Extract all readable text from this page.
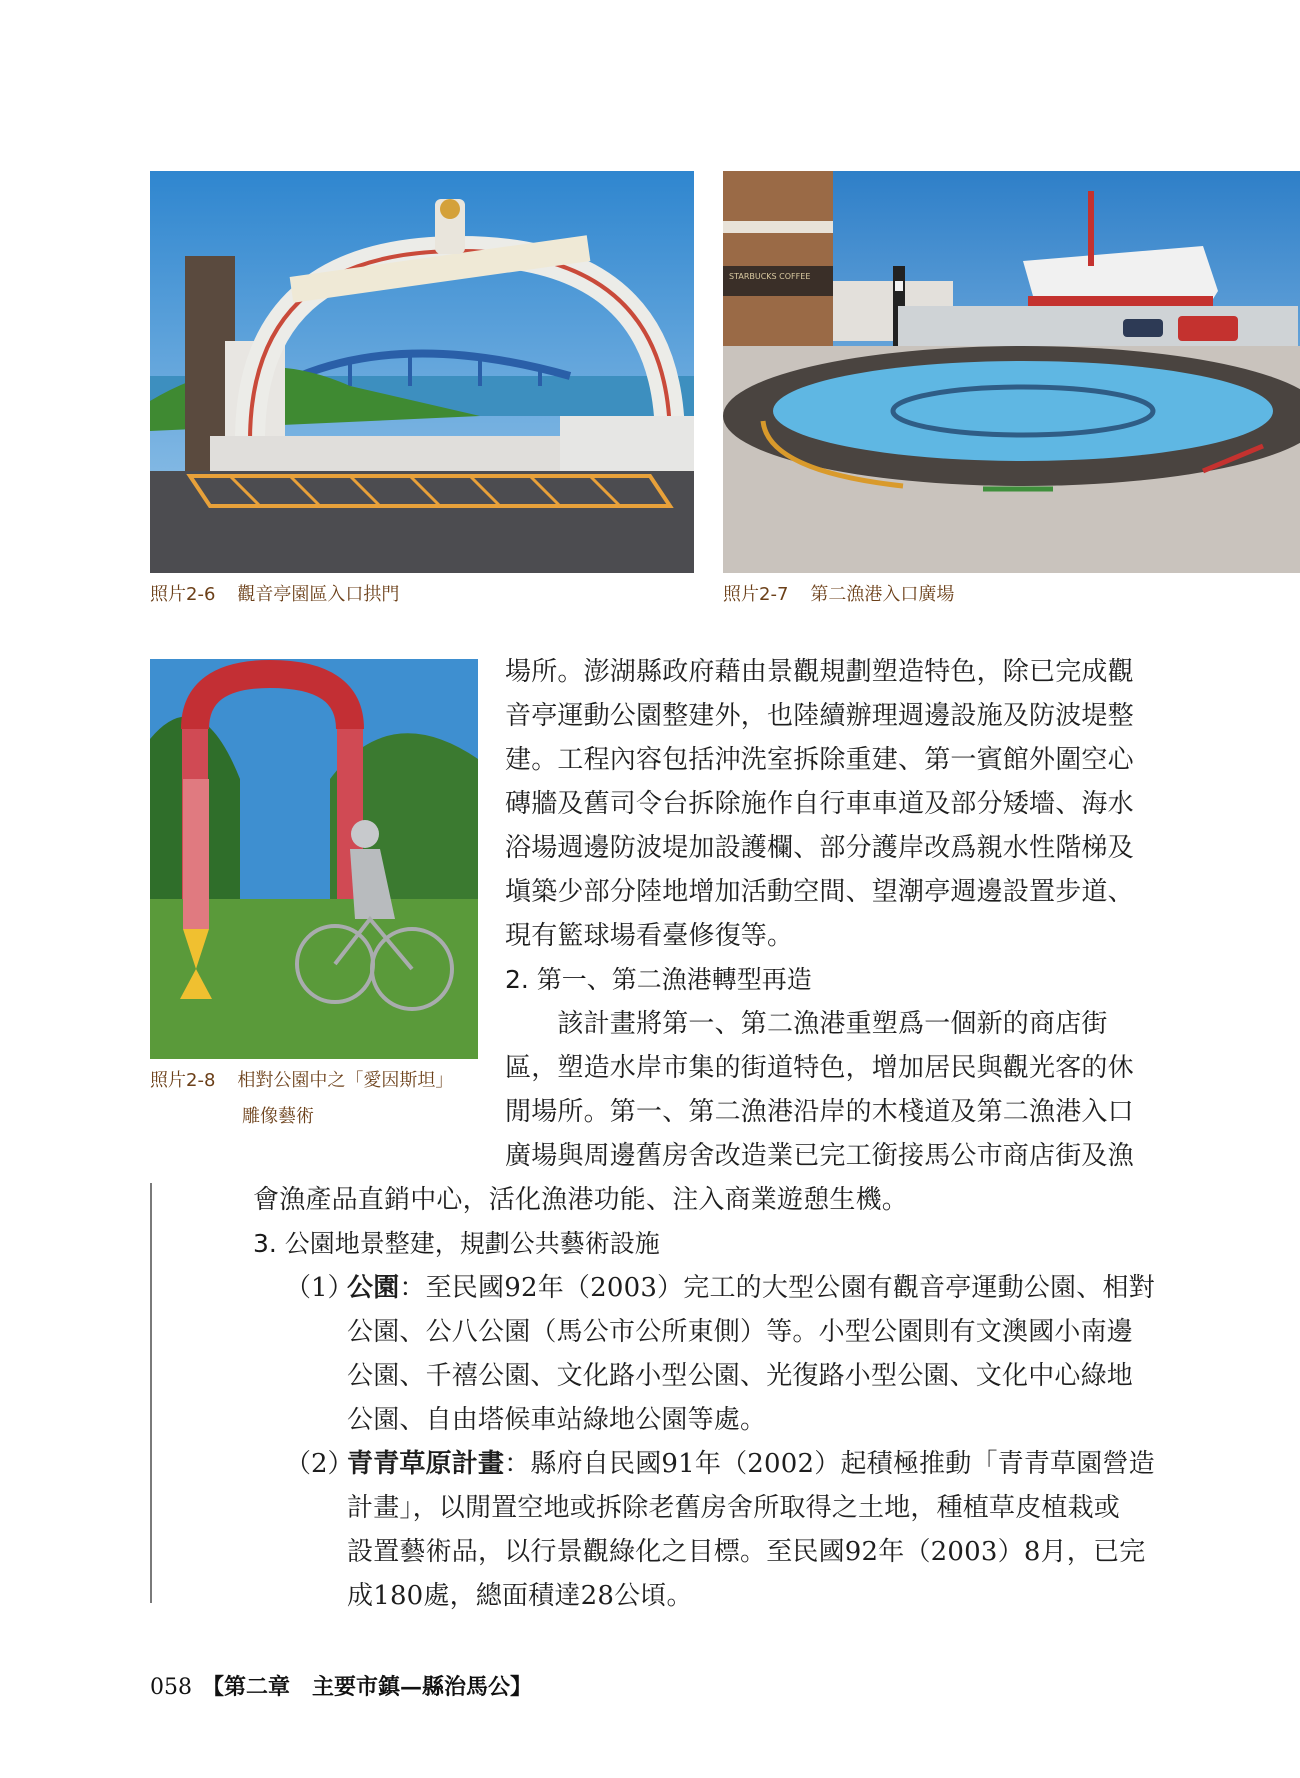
STARBUCKS COFFEE
照片2-6 觀音亭園區入口拱門	照片2-7 第二漁港入口廣場
照片2-8 相對公園中之「愛因斯坦」
雕像藝術
場所。澎湖縣政府藉由景觀規劃塑造特色，除已完成觀
音亭運動公園整建外，也陸續辦理週邊設施及防波堤整
建。工程內容包括沖洗室拆除重建、第一賓館外圍空心
磚牆及舊司令台拆除施作自行車車道及部分矮墻、海水
浴場週邊防波堤加設護欄、部分護岸改爲親水性階梯及
塡築少部分陸地增加活動空間、望潮亭週邊設置步道、
現有籃球場看臺修復等。
2. 第一、第二漁港轉型再造
　　該計畫將第一、第二漁港重塑爲一個新的商店街
區，塑造水岸市集的街道特色，增加居民與觀光客的休
閒場所。第一、第二漁港沿岸的木棧道及第二漁港入口
廣場與周邊舊房舍改造業已完工銜接馬公市商店街及漁
會漁產品直銷中心，活化漁港功能、注入商業遊憩生機。
3. 公園地景整建，規劃公共藝術設施
（1）
公園：至民國92年（2003）完工的大型公園有觀音亭運動公園、相對
公園、公八公園（馬公市公所東側）等。小型公園則有文澳國小南邊
公園、千禧公園、文化路小型公園、光復路小型公園、文化中心綠地
公園、自由塔候車站綠地公園等處。
（2）
青青草原計畫：縣府自民國91年（2002）起積極推動「青青草園營造
計畫」，以閒置空地或拆除老舊房舍所取得之土地，種植草皮植栽或
設置藝術品，以行景觀綠化之目標。至民國92年（2003）8月，已完
成180處，總面積達28公頃。
058 【第二章　主要市鎮—縣治馬公】
